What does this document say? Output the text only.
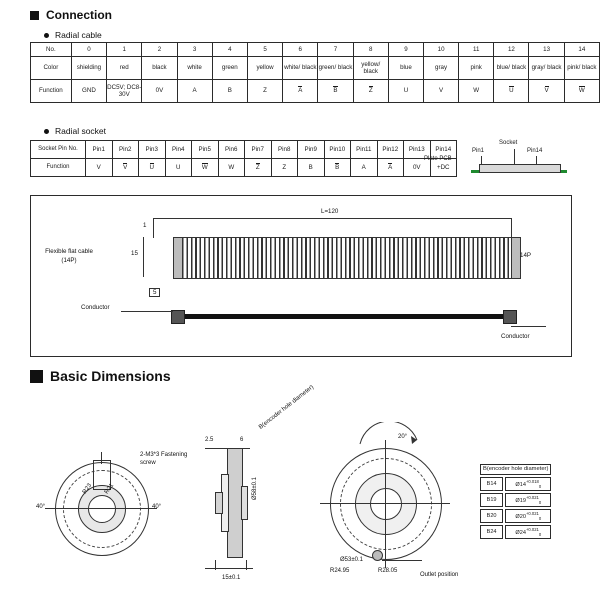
Connection
Radial cable
No.	0	1	2	3	4	5	6	7	8	9	10	11	12	13	14
Color	shielding	red	black	white	green	yellow	white/ black	green/ black	yellow/ black	blue	gray	pink	blue/ black	gray/ black	pink/ black
Function	GND	DC5V; DC8-30V	0V	A	B	Z	A	B	Z	U	V	W	U	V	W
Radial socket
Socket Pin No.	Pin1	Pin2	Pin3	Pin4	Pin5	Pin6	Pin7	Pin8	Pin9	Pin10	Pin11	Pin12	Pin13	Pin14
Function	V	V	U	U	W	W	Z	Z	B	B	A	A	0V	+DC
Socket
Plate PCB
Pin1	Pin14
Flexible flat cable (14P)
L=120
1
15	14P
5
Conductor
Conductor
Basic Dimensions
2-M3*3 Fastening screw
40°	40°
R23 R21
2.5	6
15±0.1
Ø58±0.1
B(encoder hole diameter)
20°
Ø53±0.1
R24.95	R28.05
Outlet position
B(encoder hole diameter)	
B14	$Ø14^{+0.018}_0$
B19	$Ø19^{+0.021}_0$
B20	$Ø20^{+0.021}_0$
B24	$Ø24^{+0.021}_0$
